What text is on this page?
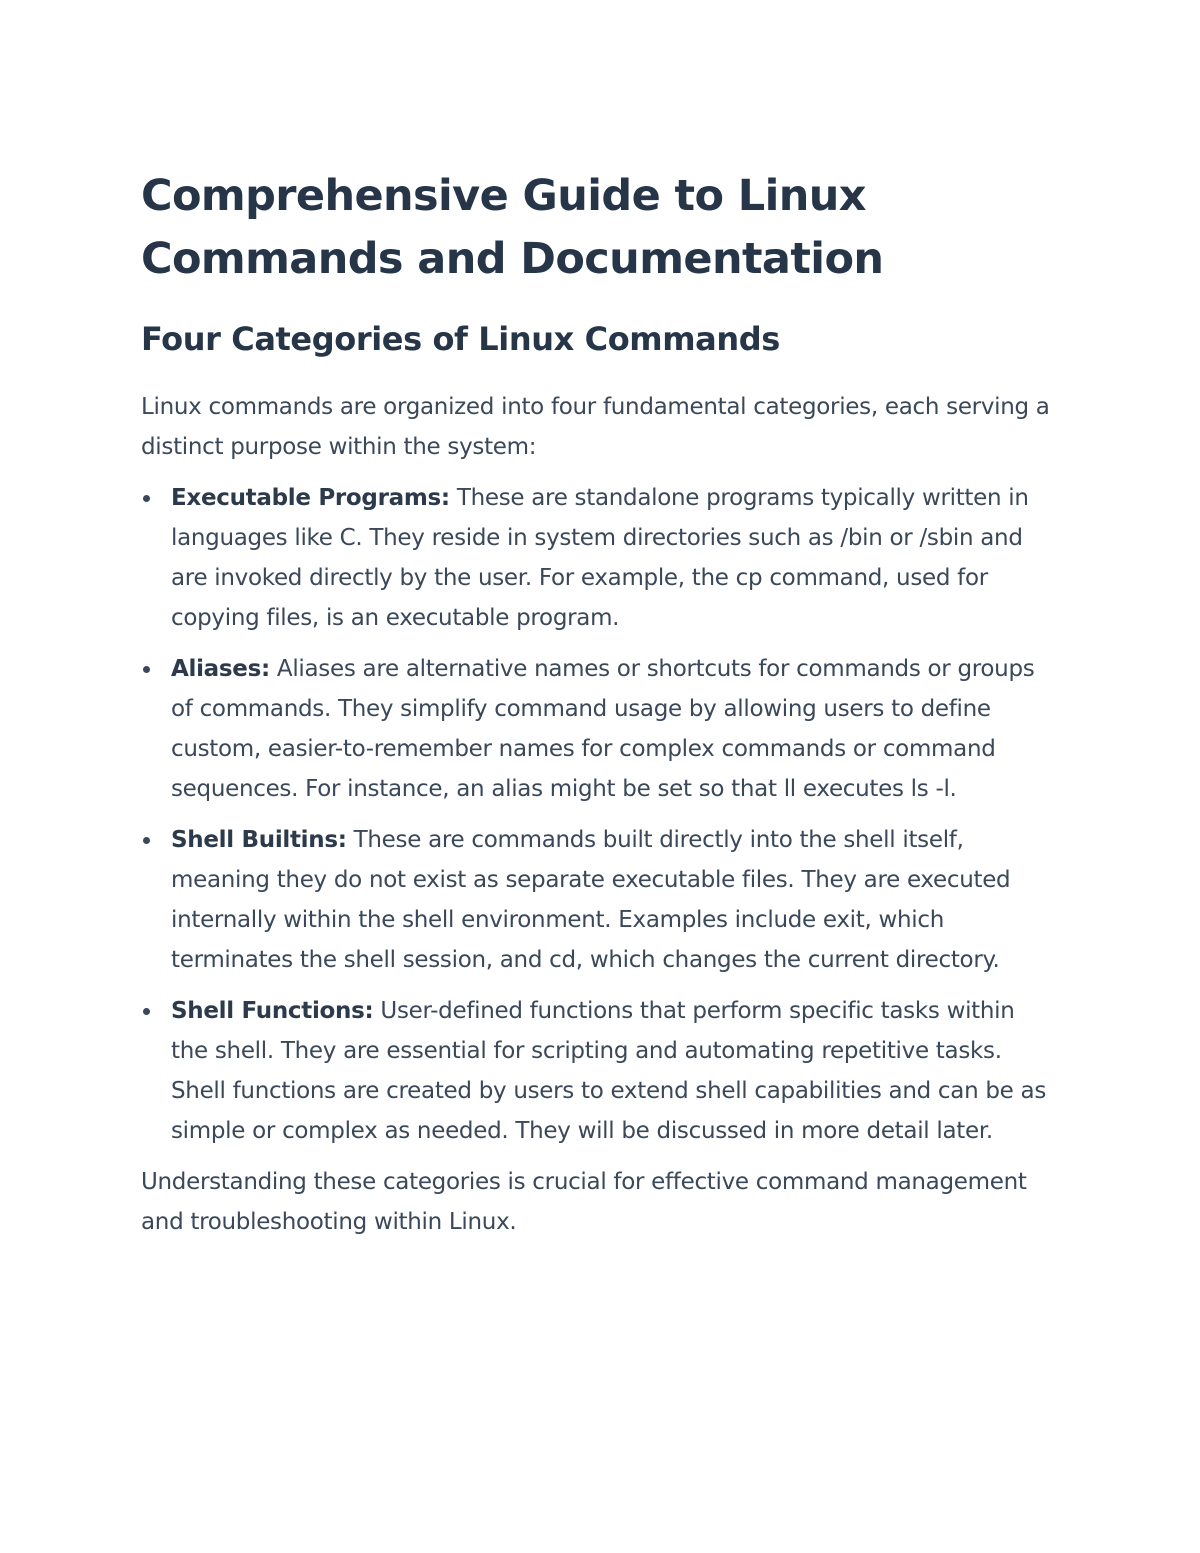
Comprehensive Guide to Linux Commands and Documentation
Four Categories of Linux Commands

Linux commands are organized into four fundamental categories, each serving a distinct purpose within the system:

Executable Programs: These are standalone programs typically written in languages like C. They reside in system directories such as /bin or /sbin and are invoked directly by the user. For example, the cp command, used for copying files, is an executable program.
Aliases: Aliases are alternative names or shortcuts for commands or groups of commands. They simplify command usage by allowing users to define custom, easier-to-remember names for complex commands or command sequences. For instance, an alias might be set so that ll executes ls -l.
Shell Builtins: These are commands built directly into the shell itself, meaning they do not exist as separate executable files. They are executed internally within the shell environment. Examples include exit, which terminates the shell session, and cd, which changes the current directory.
Shell Functions: User-defined functions that perform specific tasks within the shell. They are essential for scripting and automating repetitive tasks. Shell functions are created by users to extend shell capabilities and can be as simple or complex as needed. They will be discussed in more detail later.

Understanding these categories is crucial for effective command management and troubleshooting within Linux.
